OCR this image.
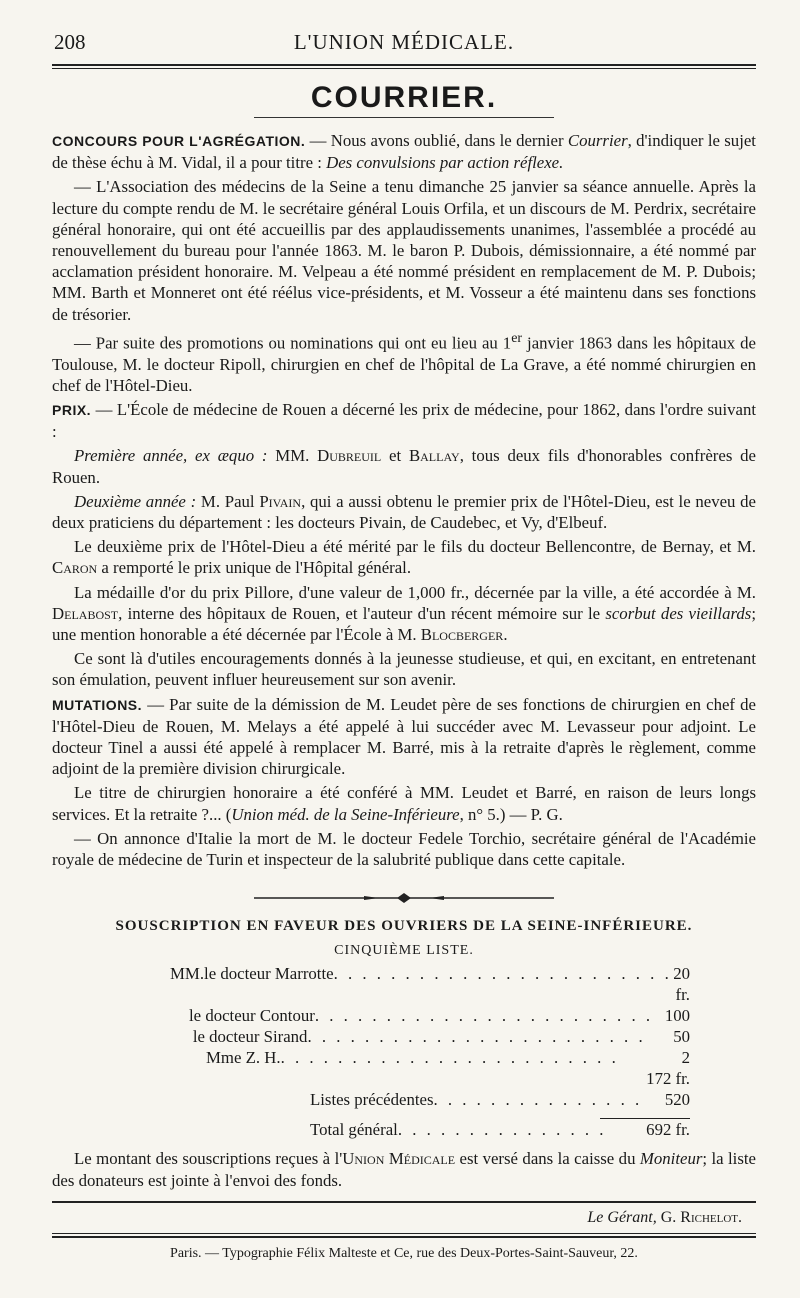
208	L'UNION MÉDICALE.
COURRIER.

CONCOURS POUR L'AGRÉGATION. — Nous avons oublié, dans le dernier Courrier, d'indiquer le sujet de thèse échu à M. Vidal, il a pour titre : Des convulsions par action réflexe.

— L'Association des médecins de la Seine a tenu dimanche 25 janvier sa séance annuelle. Après la lecture du compte rendu de M. le secrétaire général Louis Orfila, et un discours de M. Perdrix, secrétaire général honoraire, qui ont été accueillis par des applaudissements unanimes, l'assemblée a procédé au renouvellement du bureau pour l'année 1863. M. le baron P. Dubois, démissionnaire, a été nommé par acclamation président honoraire. M. Velpeau a été nommé président en remplacement de M. P. Dubois; MM. Barth et Monneret ont été réélus vice-présidents, et M. Vosseur a été maintenu dans ses fonctions de trésorier.

— Par suite des promotions ou nominations qui ont eu lieu au 1er janvier 1863 dans les hôpitaux de Toulouse, M. le docteur Ripoll, chirurgien en chef de l'hôpital de La Grave, a été nommé chirurgien en chef de l'Hôtel-Dieu.

PRIX. — L'École de médecine de Rouen a décerné les prix de médecine, pour 1862, dans l'ordre suivant :

Première année, ex æquo : MM. Dubreuil et Ballay, tous deux fils d'honorables confrères de Rouen.

Deuxième année : M. Paul Pivain, qui a aussi obtenu le premier prix de l'Hôtel-Dieu, est le neveu de deux praticiens du département : les docteurs Pivain, de Caudebec, et Vy, d'Elbeuf.

Le deuxième prix de l'Hôtel-Dieu a été mérité par le fils du docteur Bellencontre, de Bernay, et M. Caron a remporté le prix unique de l'Hôpital général.

La médaille d'or du prix Pillore, d'une valeur de 1,000 fr., décernée par la ville, a été accordée à M. Delabost, interne des hôpitaux de Rouen, et l'auteur d'un récent mémoire sur le scorbut des vieillards; une mention honorable a été décernée par l'École à M. Blocberger.

Ce sont là d'utiles encouragements donnés à la jeunesse studieuse, et qui, en excitant, en entretenant son émulation, peuvent influer heureusement sur son avenir.

MUTATIONS. — Par suite de la démission de M. Leudet père de ses fonctions de chirurgien en chef de l'Hôtel-Dieu de Rouen, M. Melays a été appelé à lui succéder avec M. Levasseur pour adjoint. Le docteur Tinel a aussi été appelé à remplacer M. Barré, mis à la retraite d'après le règlement, comme adjoint de la première division chirurgicale.

Le titre de chirurgien honoraire a été conféré à MM. Leudet et Barré, en raison de leurs longs services. Et la retraite ?... (Union méd. de la Seine-Inférieure, n° 5.) — P. G.

— On annonce d'Italie la mort de M. le docteur Fedele Torchio, secrétaire général de l'Académie royale de médecine de Turin et inspecteur de la salubrité publique dans cette capitale.

SOUSCRIPTION EN FAVEUR DES OUVRIERS DE LA SEINE-INFÉRIEURE.
CINQUIÈME LISTE.
MM. le docteur Marrotte . . . . . . . . . . . . . . . . . . . . . . . . 20 fr.
le docteur Contour . . . . . . . . . . . . . . . . . . . . . . . . 100
le docteur Sirand . . . . . . . . . . . . . . . . . . . . . . . .	50
Mme Z. H. . . . . . . . . . . . . . . . . . . . . . . . .	2
172 fr.
Listes précédentes . . . . . . . . . . . . . . .	520
Total général . . . . . . . . . . . . . . .	692 fr.

Le montant des souscriptions reçues à l'Union Médicale est versé dans la caisse du Moniteur; la liste des donateurs est jointe à l'envoi des fonds.

Le Gérant, G. Richelot.
Paris. — Typographie Félix Malteste et Ce, rue des Deux-Portes-Saint-Sauveur, 22.
